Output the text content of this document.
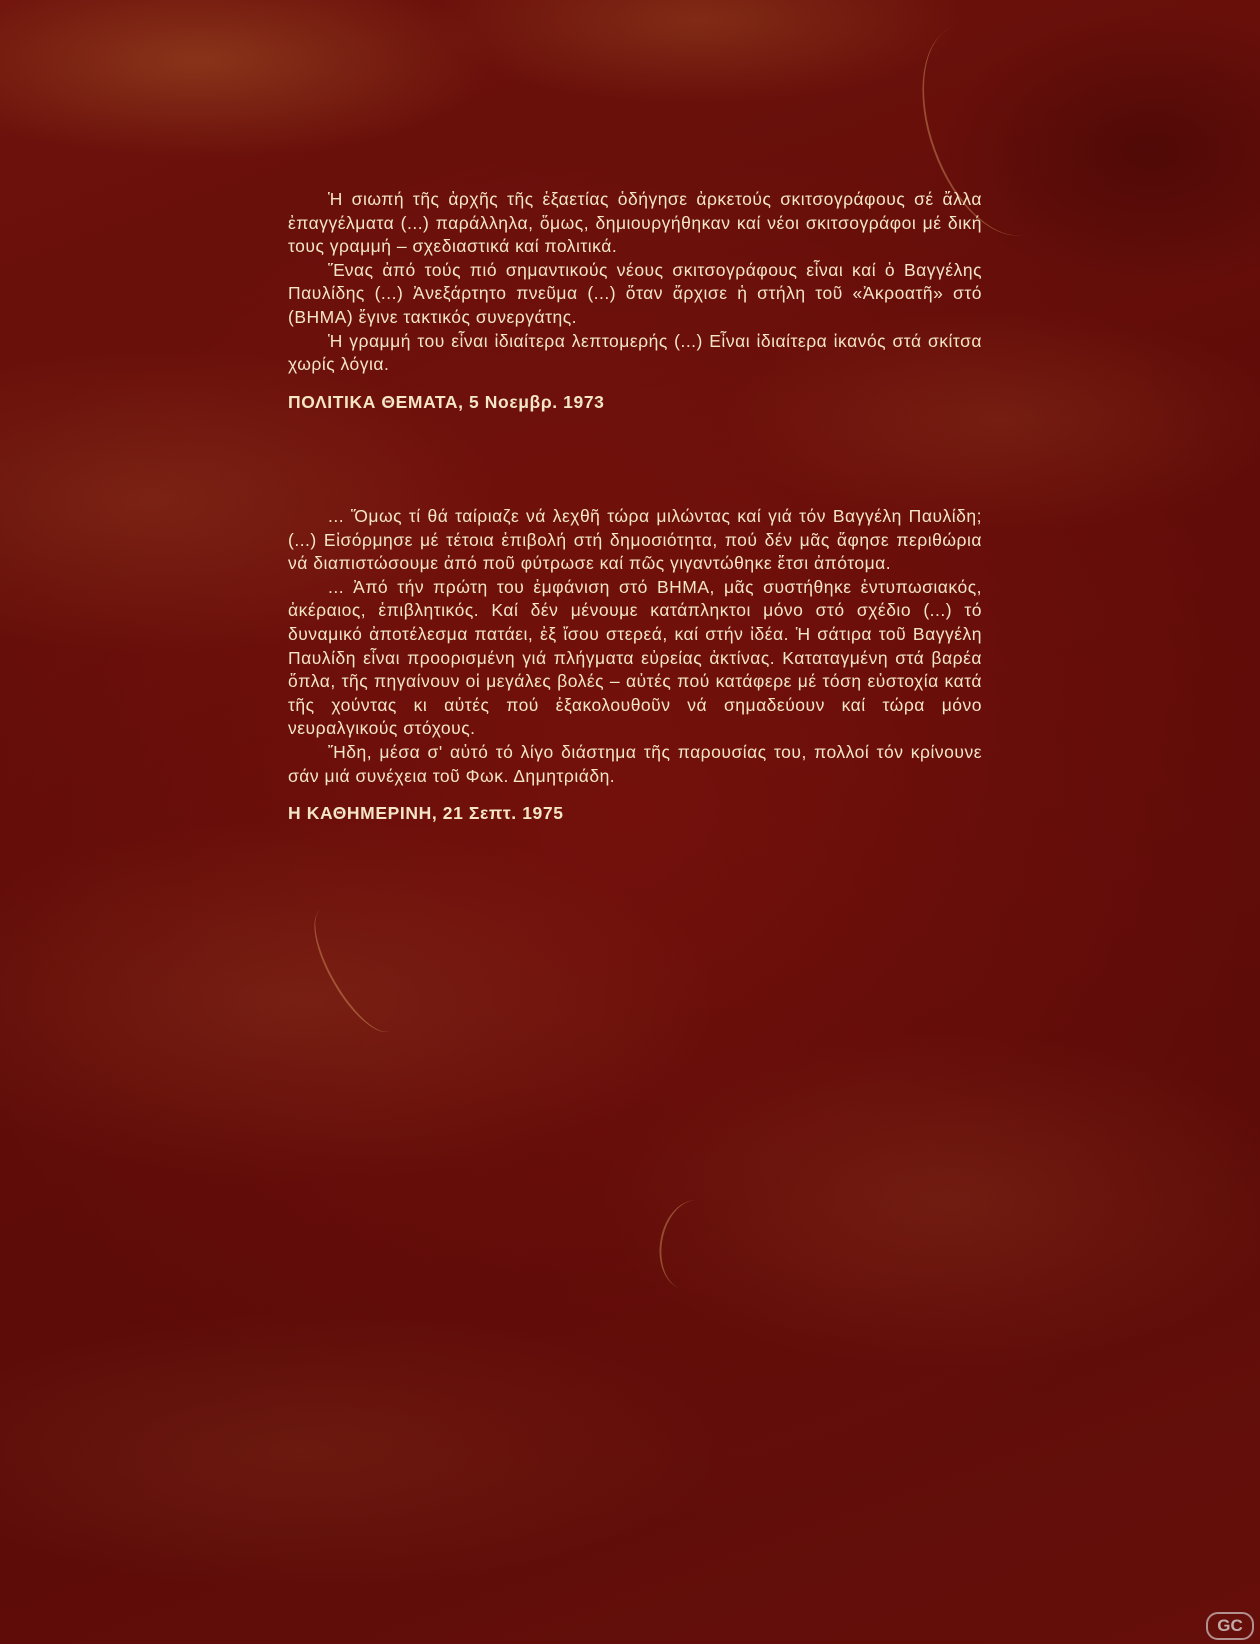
Ἡ σιωπή τῆς ἀρχῆς τῆς ἑξαετίας ὁδήγησε ἀρκετούς σκιτσογράφους σέ ἄλλα ἐπαγγέλματα (...) παράλληλα, ὅμως, δημιουργήθηκαν καί νέοι σκιτσογράφοι μέ δική τους γραμμή – σχεδιαστικά καί πολιτικά.

Ἕνας ἀπό τούς πιό σημαντικούς νέους σκιτσογράφους εἶναι καί ὁ Βαγγέλης Παυλίδης (...) Ἀνεξάρτητο πνεῦμα (...) ὅταν ἄρχισε ἡ στήλη τοῦ «Ἀκροατῆ» στό (ΒΗΜΑ) ἔγινε τακτικός συνεργάτης.

Ἡ γραμμή του εἶναι ἰδιαίτερα λεπτομερής (...) Εἶναι ἰδιαίτερα ἱκανός στά σκίτσα χωρίς λόγια.

ΠΟΛΙΤΙΚΑ ΘΕΜΑΤΑ, 5 Νοεμβρ. 1973

... Ὅμως τί θά ταίριαζε νά λεχθῆ τώρα μιλώντας καί γιά τόν Βαγγέλη Παυλίδη; (...) Εἰσόρμησε μέ τέτοια ἐπιβολή στή δημοσιότητα, πού δέν μᾶς ἄφησε περιθώρια νά διαπιστώσουμε ἀπό ποῦ φύτρωσε καί πῶς γιγαντώθηκε ἔτσι ἀπότομα.

... Ἀπό τήν πρώτη του ἐμφάνιση στό ΒΗΜΑ, μᾶς συστήθηκε ἐντυπωσιακός, ἀκέραιος, ἐπιβλητικός. Καί δέν μένουμε κατάπληκτοι μόνο στό σχέδιο (...) τό δυναμικό ἀποτέλεσμα πατάει, ἐξ ἴσου στερεά, καί στήν ἰδέα. Ἡ σάτιρα τοῦ Βαγγέλη Παυλίδη εἶναι προορισμένη γιά πλήγματα εὐρείας ἀκτίνας. Καταταγμένη στά βαρέα ὅπλα, τῆς πηγαίνουν οἱ μεγάλες βολές – αὐτές πού κατάφερε μέ τόση εὐστοχία κατά τῆς χούντας κι αὐτές πού ἐξακολουθοῦν νά σημαδεύουν καί τώρα μόνο νευραλγικούς στόχους.

Ἤδη, μέσα σ' αὐτό τό λίγο διάστημα τῆς παρουσίας του, πολλοί τόν κρίνουνε σάν μιά συνέχεια τοῦ Φωκ. Δημητριάδη.

Η ΚΑΘΗΜΕΡΙΝΗ, 21 Σεπτ. 1975

GC
